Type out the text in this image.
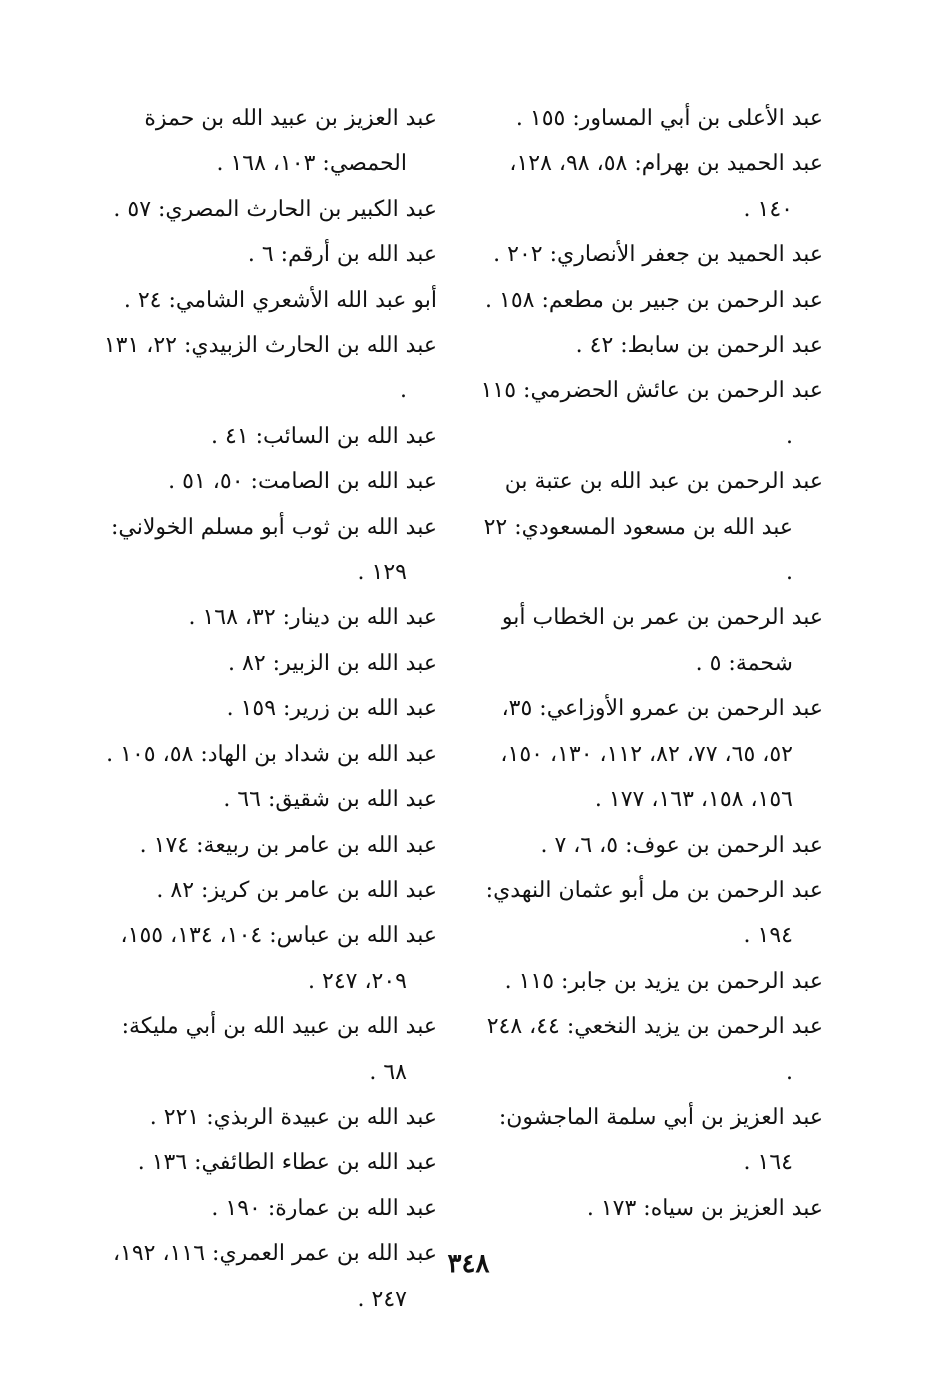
عبد الأعلى بن أبي المساور: ١٥٥ .

عبد الحميد بن بهرام: ٥٨، ٩٨، ١٢٨، ١٤٠ .

عبد الحميد بن جعفر الأنصاري: ٢٠٢ .

عبد الرحمن بن جبير بن مطعم: ١٥٨ .

عبد الرحمن بن سابط: ٤٢ .

عبد الرحمن بن عائش الحضرمي: ١١٥ .

عبد الرحمن بن عبد الله بن عتبة بن عبد الله بن مسعود المسعودي: ٢٢ .

عبد الرحمن بن عمر بن الخطاب أبو شحمة: ٥ .

عبد الرحمن بن عمرو الأوزاعي: ٣٥، ٥٢، ٦٥، ٧٧، ٨٢، ١١٢، ١٣٠، ١٥٠، ١٥٦، ١٥٨، ١٦٣، ١٧٧ .

عبد الرحمن بن عوف: ٥، ٦، ٧ .

عبد الرحمن بن مل أبو عثمان النهدي: ١٩٤ .

عبد الرحمن بن يزيد بن جابر: ١١٥ .

عبد الرحمن بن يزيد النخعي: ٤٤، ٢٤٨ .

عبد العزيز بن أبي سلمة الماجشون: ١٦٤ .

عبد العزيز بن سياه: ١٧٣ .

عبد العزيز بن عبيد الله بن حمزة الحمصي: ١٠٣، ١٦٨ .

عبد الكبير بن الحارث المصري: ٥٧ .

عبد الله بن أرقم: ٦ .

أبو عبد الله الأشعري الشامي: ٢٤ .

عبد الله بن الحارث الزبيدي: ٢٢، ١٣١ .

عبد الله بن السائب: ٤١ .

عبد الله بن الصامت: ٥٠، ٥١ .

عبد الله بن ثوب أبو مسلم الخولاني: ١٢٩ .

عبد الله بن دينار: ٣٢، ١٦٨ .

عبد الله بن الزبير: ٨٢ .

عبد الله بن زرير: ١٥٩ .

عبد الله بن شداد بن الهاد: ٥٨، ١٠٥ .

عبد الله بن شقيق: ٦٦ .

عبد الله بن عامر بن ربيعة: ١٧٤ .

عبد الله بن عامر بن كريز: ٨٢ .

عبد الله بن عباس: ١٠٤، ١٣٤، ١٥٥، ٢٠٩، ٢٤٧ .

عبد الله بن عبيد الله بن أبي مليكة: ٦٨ .

عبد الله بن عبيدة الربذي: ٢٢١ .

عبد الله بن عطاء الطائفي: ١٣٦ .

عبد الله بن عمارة: ١٩٠ .

عبد الله بن عمر العمري: ١١٦، ١٩٢، ٢٤٧ .

٣٤٨
